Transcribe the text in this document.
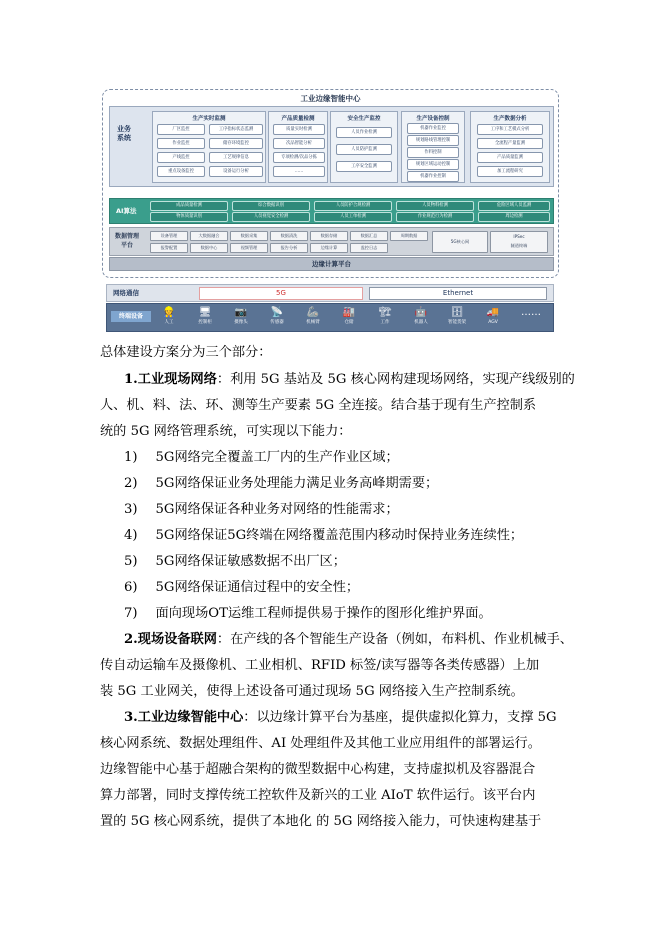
工业边缘智能中心
业务系统
生产实时监测
厂区监控	工序指标状态监测
作业监控	储存环境监控
产线监控	工艺规律信息
重点设备监控	设备运行分析
产品质量检测
质量实时检测
次品智能分析
专项检测/次品分拣
……
安全生产监控
人员作业检测
人员防护监测
工序安全监测
生产设备控制
机器作业监控
规划路线管理控制
作料控制
规划区域运动控制
机器作业控制
生产数据分析
工序和工艺模式分析
全流程产量监测
产品质量监测
加工流程研究
AI算法
成品质量检测	综合数据识别	人员防护合规检测	人员物料检测	危险区域人员监测
物体质量识别	人员视觉安全检测	人员工单检测	作业规范行为检测	周边检测
数据管理平台
设备管理	大数据融合	数据采集	数据清洗	数据存储	数据汇总	周期数据
报警配置	数据中心	视频管理	报告分析	边缘计算	监控日志
5G核心网
IPSec
隧道终端
边缘计算平台
网络通信	5G	Ethernet
终端设备	👷
人工
🖥
控制柜
📷
摄像头
📡
传感器
🦾
机械臂
🏭
仓储
🏗
工作
🤖
机器人
🗄
智能货架
🚚
AGV
……
总体建设方案分为三个部分：
1.工业现场网络：利用 5G 基站及 5G 核心网构建现场网络，实现产线级别的
人、机、料、法、环、测等生产要素 5G 全连接。结合基于现有生产控制系
统的 5G 网络管理系统，可实现以下能力：
1) 5G网络完全覆盖工厂内的生产作业区域；
2) 5G网络保证业务处理能力满足业务高峰期需要；
3) 5G网络保证各种业务对网络的性能需求；
4) 5G网络保证5G终端在网络覆盖范围内移动时保持业务连续性；
5) 5G网络保证敏感数据不出厂区；
6) 5G网络保证通信过程中的安全性；
7) 面向现场OT运维工程师提供易于操作的图形化维护界面。
2.现场设备联网：在产线的各个智能生产设备（例如，布料机、作业机械手、
传自动运输车及摄像机、工业相机、RFID 标签/读写器等各类传感器）上加
装 5G 工业网关，使得上述设备可通过现场 5G 网络接入生产控制系统。
3.工业边缘智能中心：以边缘计算平台为基座，提供虚拟化算力，支撑 5G
核心网系统、数据处理组件、AI 处理组件及其他工业应用组件的部署运行。
边缘智能中心基于超融合架构的微型数据中心构建，支持虚拟机及容器混合
算力部署，同时支撑传统工控软件及新兴的工业 AIoT 软件运行。该平台内
置的 5G 核心网系统，提供了本地化 的 5G 网络接入能力，可快速构建基于
